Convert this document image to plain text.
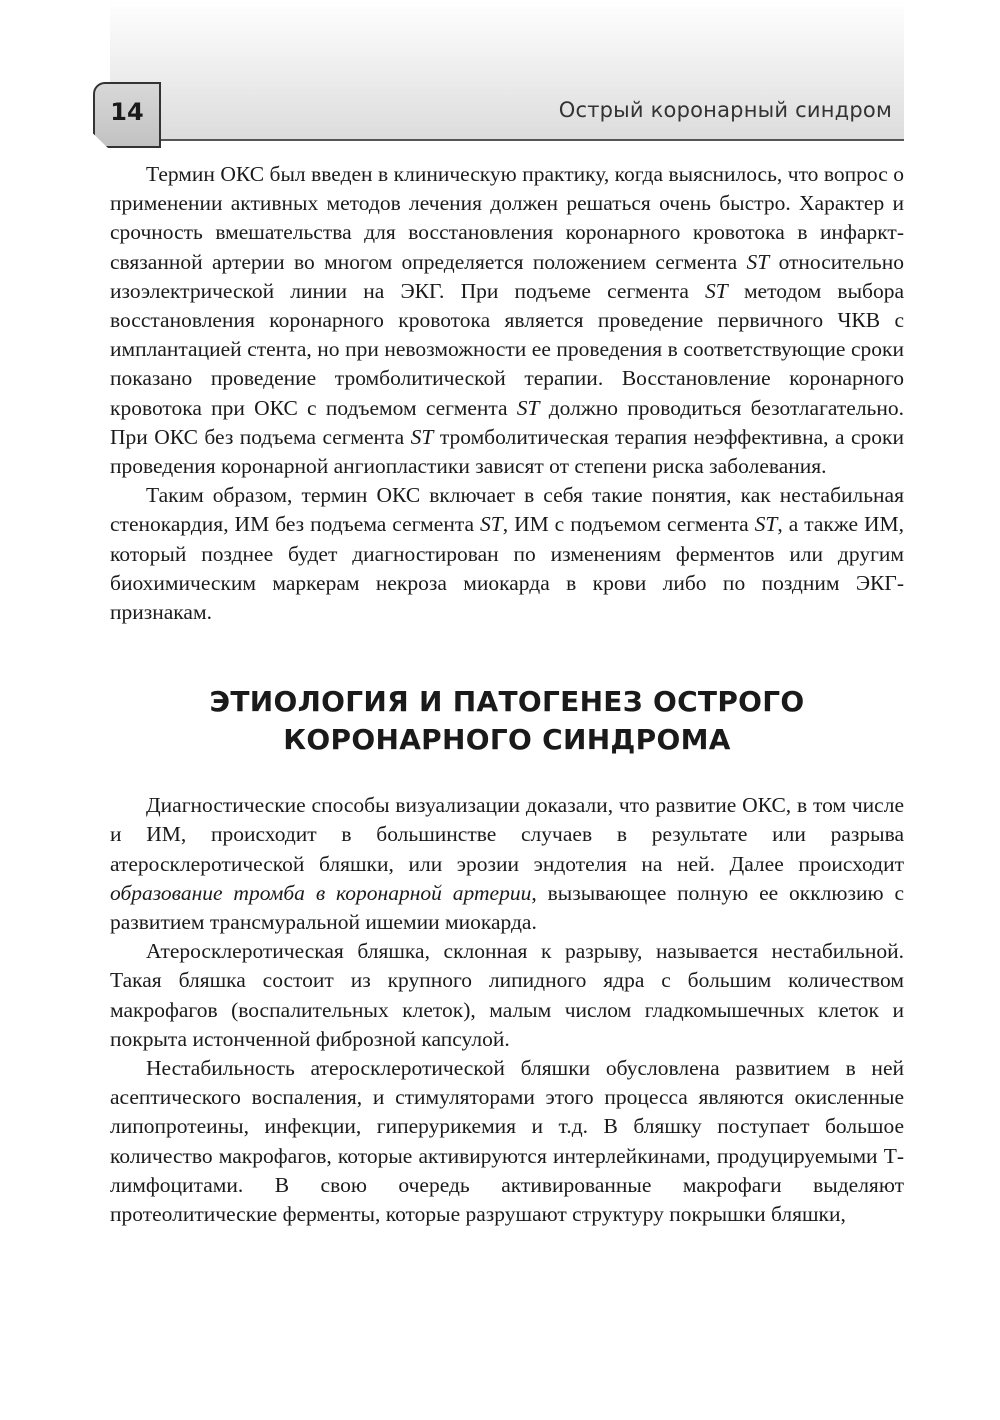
14	Острый коронарный синдром

Термин ОКС был введен в клиническую практику, когда выяснилось, что вопрос о применении активных методов лечения должен решаться очень быстро. Характер и срочность вмешательства для восстановления коронарного кровотока в инфаркт-связанной артерии во многом определяется положением сегмента ST относительно изоэлектрической линии на ЭКГ. При подъеме сегмента ST методом выбора восстановления коронарного кровотока является проведение первичного ЧКВ с имплантацией стента, но при невозможности ее проведения в соответствующие сроки показано проведение тромболитической терапии. Восстановление коронарного кровотока при ОКС с подъемом сегмента ST должно проводиться безотлагательно. При ОКС без подъема сегмента ST тромболитическая терапия неэффективна, а сроки проведения коронарной ангиопластики зависят от степени риска заболевания.

Таким образом, термин ОКС включает в себя такие понятия, как нестабильная стенокардия, ИМ без подъема сегмента ST, ИМ с подъемом сегмента ST, а также ИМ, который позднее будет диагностирован по изменениям ферментов или другим биохимическим маркерам некроза миокарда в крови либо по поздним ЭКГ-признакам.

ЭТИОЛОГИЯ И ПАТОГЕНЕЗ ОСТРОГО
КОРОНАРНОГО СИНДРОМА

Диагностические способы визуализации доказали, что развитие ОКС, в том числе и ИМ, происходит в большинстве случаев в результате или разрыва атеросклеротической бляшки, или эрозии эндотелия на ней. Далее происходит образование тромба в коронарной артерии, вызывающее полную ее окклюзию с развитием трансмуральной ишемии миокарда.

Атеросклеротическая бляшка, склонная к разрыву, называется нестабильной. Такая бляшка состоит из крупного липидного ядра с большим количеством макрофагов (воспалительных клеток), малым числом гладкомышечных клеток и покрыта истонченной фиброзной капсулой.

Нестабильность атеросклеротической бляшки обусловлена развитием в ней асептического воспаления, и стимуляторами этого процесса являются окисленные липопротеины, инфекции, гиперурикемия и т.д. В бляшку поступает большое количество макрофагов, которые активируются интерлейкинами, продуцируемыми Т-лимфоцитами. В свою очередь активированные макрофаги выделяют протеолитические ферменты, которые разрушают структуру покрышки бляшки,
